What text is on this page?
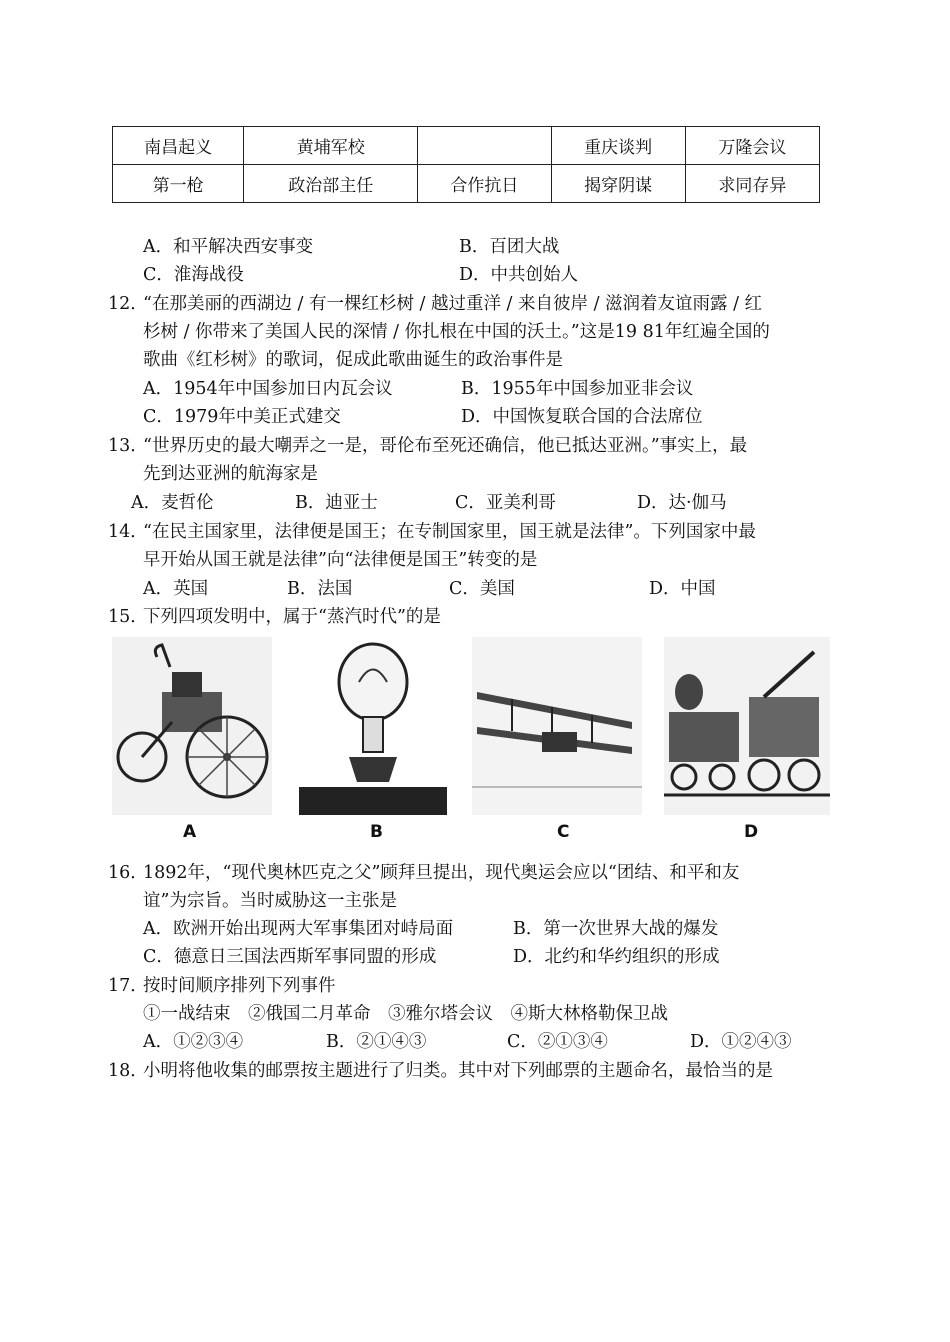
南昌起义	黄埔军校		重庆谈判	万隆会议
第一枪	政治部主任	合作抗日	揭穿阴谋	求同存异
A．和平解决西安事变	B．百团大战
C．淮海战役	D．中共创始人
12．
“在那美丽的西湖边 / 有一棵红杉树 / 越过重洋 / 来自彼岸 / 滋润着友谊雨露 / 红
杉树 / 你带来了美国人民的深情 / 你扎根在中国的沃土。”这是19 81年红遍全国的
歌曲《红杉树》的歌词，促成此歌曲诞生的政治事件是
A．1954年中国参加日内瓦会议	B．1955年中国参加亚非会议
C．1979年中美正式建交	D．中国恢复联合国的合法席位
13．
“世界历史的最大嘲弄之一是，哥伦布至死还确信，他已抵达亚洲。”事实上，最
先到达亚洲的航海家是
A．麦哲伦	B．迪亚士	C．亚美利哥	D．达·伽马
14．
“在民主国家里，法律便是国王；在专制国家里，国王就是法律”。下列国家中最
早开始从国王就是法律”向“法律便是国王”转变的是
A．英国	B．法国	C．美国	D．中国
15．
下列四项发明中，属于“蒸汽时代”的是
A	B	C	D
16．
1892年，“现代奥林匹克之父”顾拜旦提出，现代奥运会应以“团结、和平和友
谊”为宗旨。当时威胁这一主张是
A．欧洲开始出现两大军事集团对峙局面	B．第一次世界大战的爆发
C．德意日三国法西斯军事同盟的形成	D．北约和华约组织的形成
17．
按时间顺序排列下列事件
①一战结束　②俄国二月革命　③雅尔塔会议　④斯大林格勒保卫战
A．①②③④	B．②①④③	C．②①③④	D．①②④③
18．
小明将他收集的邮票按主题进行了归类。其中对下列邮票的主题命名，最恰当的是
